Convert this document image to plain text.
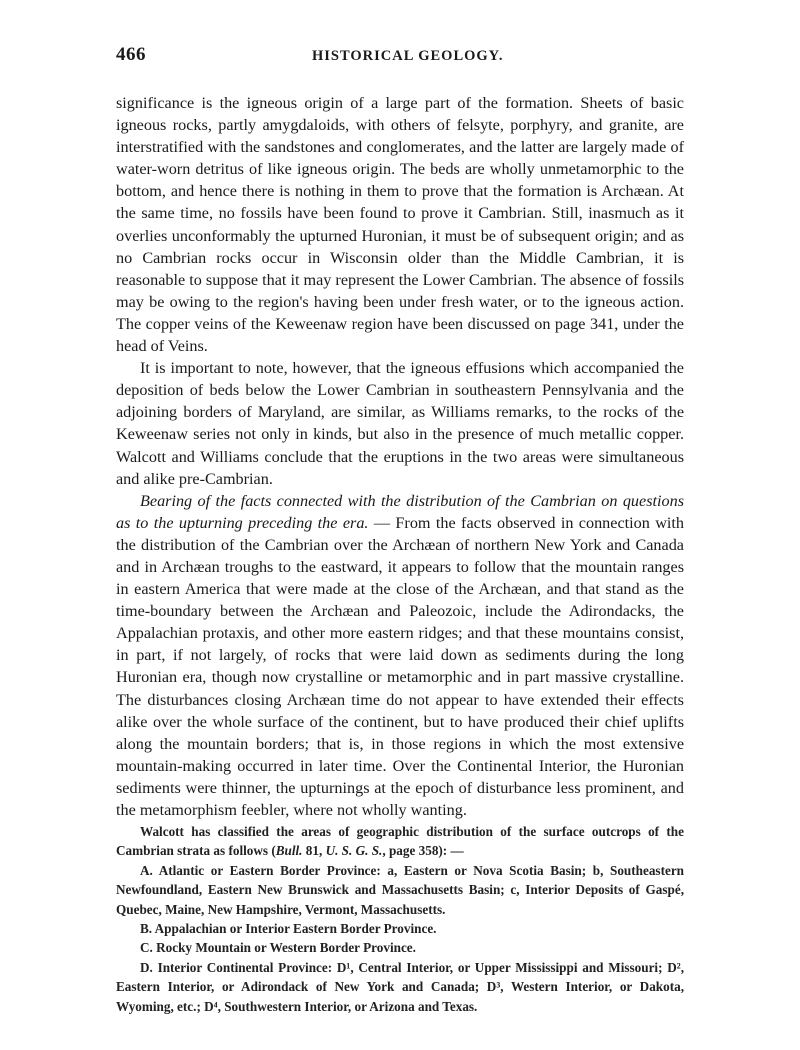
466	HISTORICAL GEOLOGY.

significance is the igneous origin of a large part of the formation. Sheets of basic igneous rocks, partly amygdaloids, with others of felsyte, porphyry, and granite, are interstratified with the sandstones and conglomerates, and the latter are largely made of water-worn detritus of like igneous origin. The beds are wholly unmetamorphic to the bottom, and hence there is nothing in them to prove that the formation is Archæan. At the same time, no fossils have been found to prove it Cambrian. Still, inasmuch as it overlies unconformably the upturned Huronian, it must be of subsequent origin; and as no Cambrian rocks occur in Wisconsin older than the Middle Cambrian, it is reasonable to suppose that it may represent the Lower Cambrian. The absence of fossils may be owing to the region's having been under fresh water, or to the igneous action. The copper veins of the Keweenaw region have been discussed on page 341, under the head of Veins.

It is important to note, however, that the igneous effusions which accompanied the deposition of beds below the Lower Cambrian in southeastern Pennsylvania and the adjoining borders of Maryland, are similar, as Williams remarks, to the rocks of the Keweenaw series not only in kinds, but also in the presence of much metallic copper. Walcott and Williams conclude that the eruptions in the two areas were simultaneous and alike pre-Cambrian.

Bearing of the facts connected with the distribution of the Cambrian on questions as to the upturning preceding the era. — From the facts observed in connection with the distribution of the Cambrian over the Archæan of northern New York and Canada and in Archæan troughs to the eastward, it appears to follow that the mountain ranges in eastern America that were made at the close of the Archæan, and that stand as the time-boundary between the Archæan and Paleozoic, include the Adirondacks, the Appalachian protaxis, and other more eastern ridges; and that these mountains consist, in part, if not largely, of rocks that were laid down as sediments during the long Huronian era, though now crystalline or metamorphic and in part massive crystalline. The disturbances closing Archæan time do not appear to have extended their effects alike over the whole surface of the continent, but to have produced their chief uplifts along the mountain borders; that is, in those regions in which the most extensive mountain-making occurred in later time. Over the Continental Interior, the Huronian sediments were thinner, the upturnings at the epoch of disturbance less prominent, and the metamorphism feebler, where not wholly wanting.

Walcott has classified the areas of geographic distribution of the surface outcrops of the Cambrian strata as follows (Bull. 81, U. S. G. S., page 358): —

A. Atlantic or Eastern Border Province: a, Eastern or Nova Scotia Basin; b, Southeastern Newfoundland, Eastern New Brunswick and Massachusetts Basin; c, Interior Deposits of Gaspé, Quebec, Maine, New Hampshire, Vermont, Massachusetts.

B. Appalachian or Interior Eastern Border Province.

C. Rocky Mountain or Western Border Province.

D. Interior Continental Province: D¹, Central Interior, or Upper Mississippi and Missouri; D², Eastern Interior, or Adirondack of New York and Canada; D³, Western Interior, or Dakota, Wyoming, etc.; D⁴, Southwestern Interior, or Arizona and Texas.
